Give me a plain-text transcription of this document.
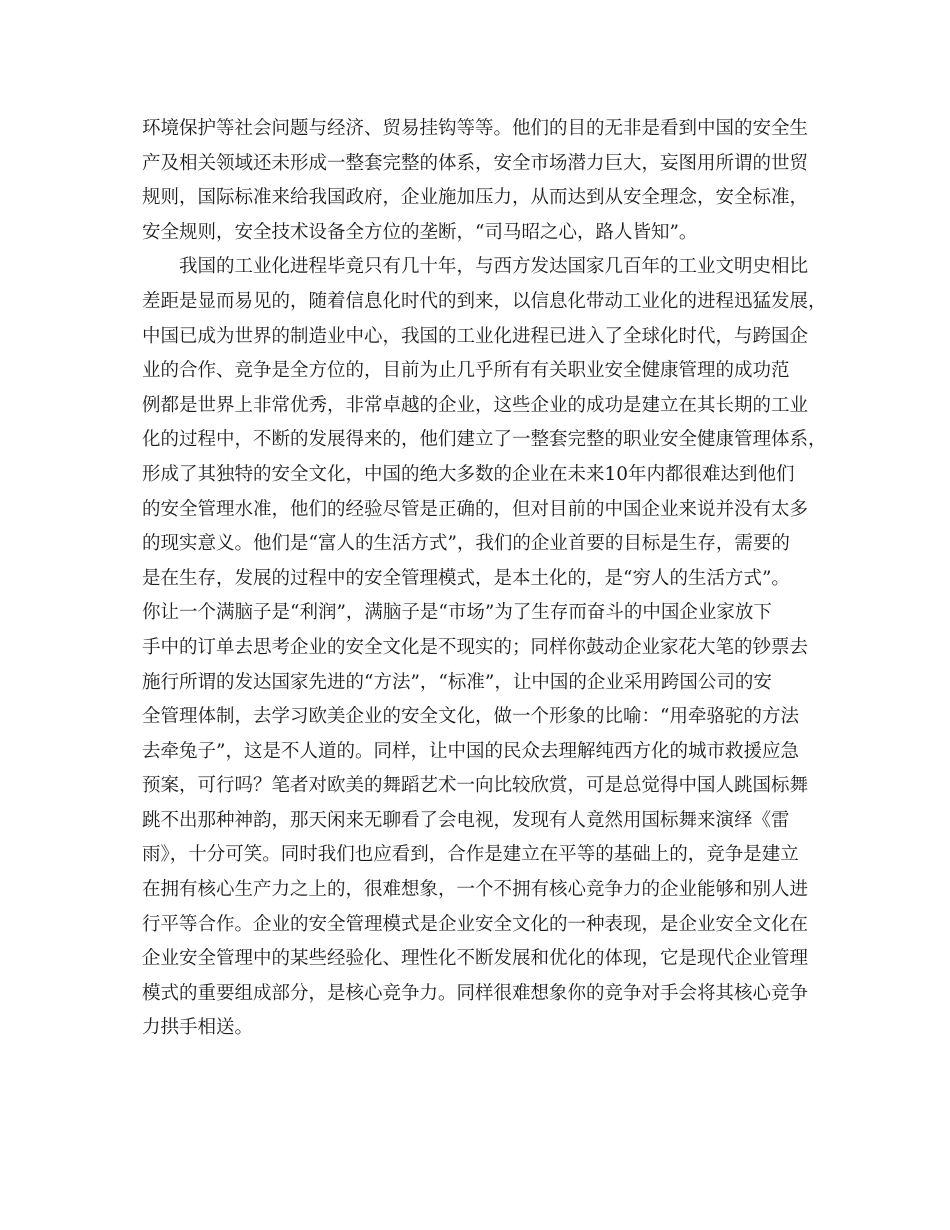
环境保护等社会问题与经济、贸易挂钩等等。他们的目的无非是看到中国的安全生
产及相关领域还未形成一整套完整的体系，安全市场潜力巨大，妄图用所谓的世贸
规则，国际标准来给我国政府，企业施加压力，从而达到从安全理念，安全标准，
安全规则，安全技术设备全方位的垄断，“司马昭之心，路人皆知”。
我国的工业化进程毕竟只有几十年，与西方发达国家几百年的工业文明史相比
差距是显而易见的，随着信息化时代的到来，以信息化带动工业化的进程迅猛发展，
中国已成为世界的制造业中心，我国的工业化进程已进入了全球化时代，与跨国企
业的合作、竞争是全方位的，目前为止几乎所有有关职业安全健康管理的成功范
例都是世界上非常优秀，非常卓越的企业，这些企业的成功是建立在其长期的工业
化的过程中，不断的发展得来的，他们建立了一整套完整的职业安全健康管理体系，
形成了其独特的安全文化，中国的绝大多数的企业在未来10年内都很难达到他们
的安全管理水准，他们的经验尽管是正确的，但对目前的中国企业来说并没有太多
的现实意义。他们是“富人的生活方式”，我们的企业首要的目标是生存，需要的
是在生存，发展的过程中的安全管理模式，是本土化的，是“穷人的生活方式”。
你让一个满脑子是“利润”，满脑子是“市场”为了生存而奋斗的中国企业家放下
手中的订单去思考企业的安全文化是不现实的；同样你鼓动企业家花大笔的钞票去
施行所谓的发达国家先进的“方法”，“标准”，让中国的企业采用跨国公司的安
全管理体制，去学习欧美企业的安全文化，做一个形象的比喻：“用牵骆驼的方法
去牵兔子”，这是不人道的。同样，让中国的民众去理解纯西方化的城市救援应急
预案，可行吗？笔者对欧美的舞蹈艺术一向比较欣赏，可是总觉得中国人跳国标舞
跳不出那种神韵，那天闲来无聊看了会电视，发现有人竟然用国标舞来演绎《雷
雨》，十分可笑。同时我们也应看到，合作是建立在平等的基础上的，竞争是建立
在拥有核心生产力之上的，很难想象，一个不拥有核心竞争力的企业能够和别人进
行平等合作。企业的安全管理模式是企业安全文化的一种表现，是企业安全文化在
企业安全管理中的某些经验化、理性化不断发展和优化的体现，它是现代企业管理
模式的重要组成部分，是核心竞争力。同样很难想象你的竞争对手会将其核心竞争
力拱手相送。
